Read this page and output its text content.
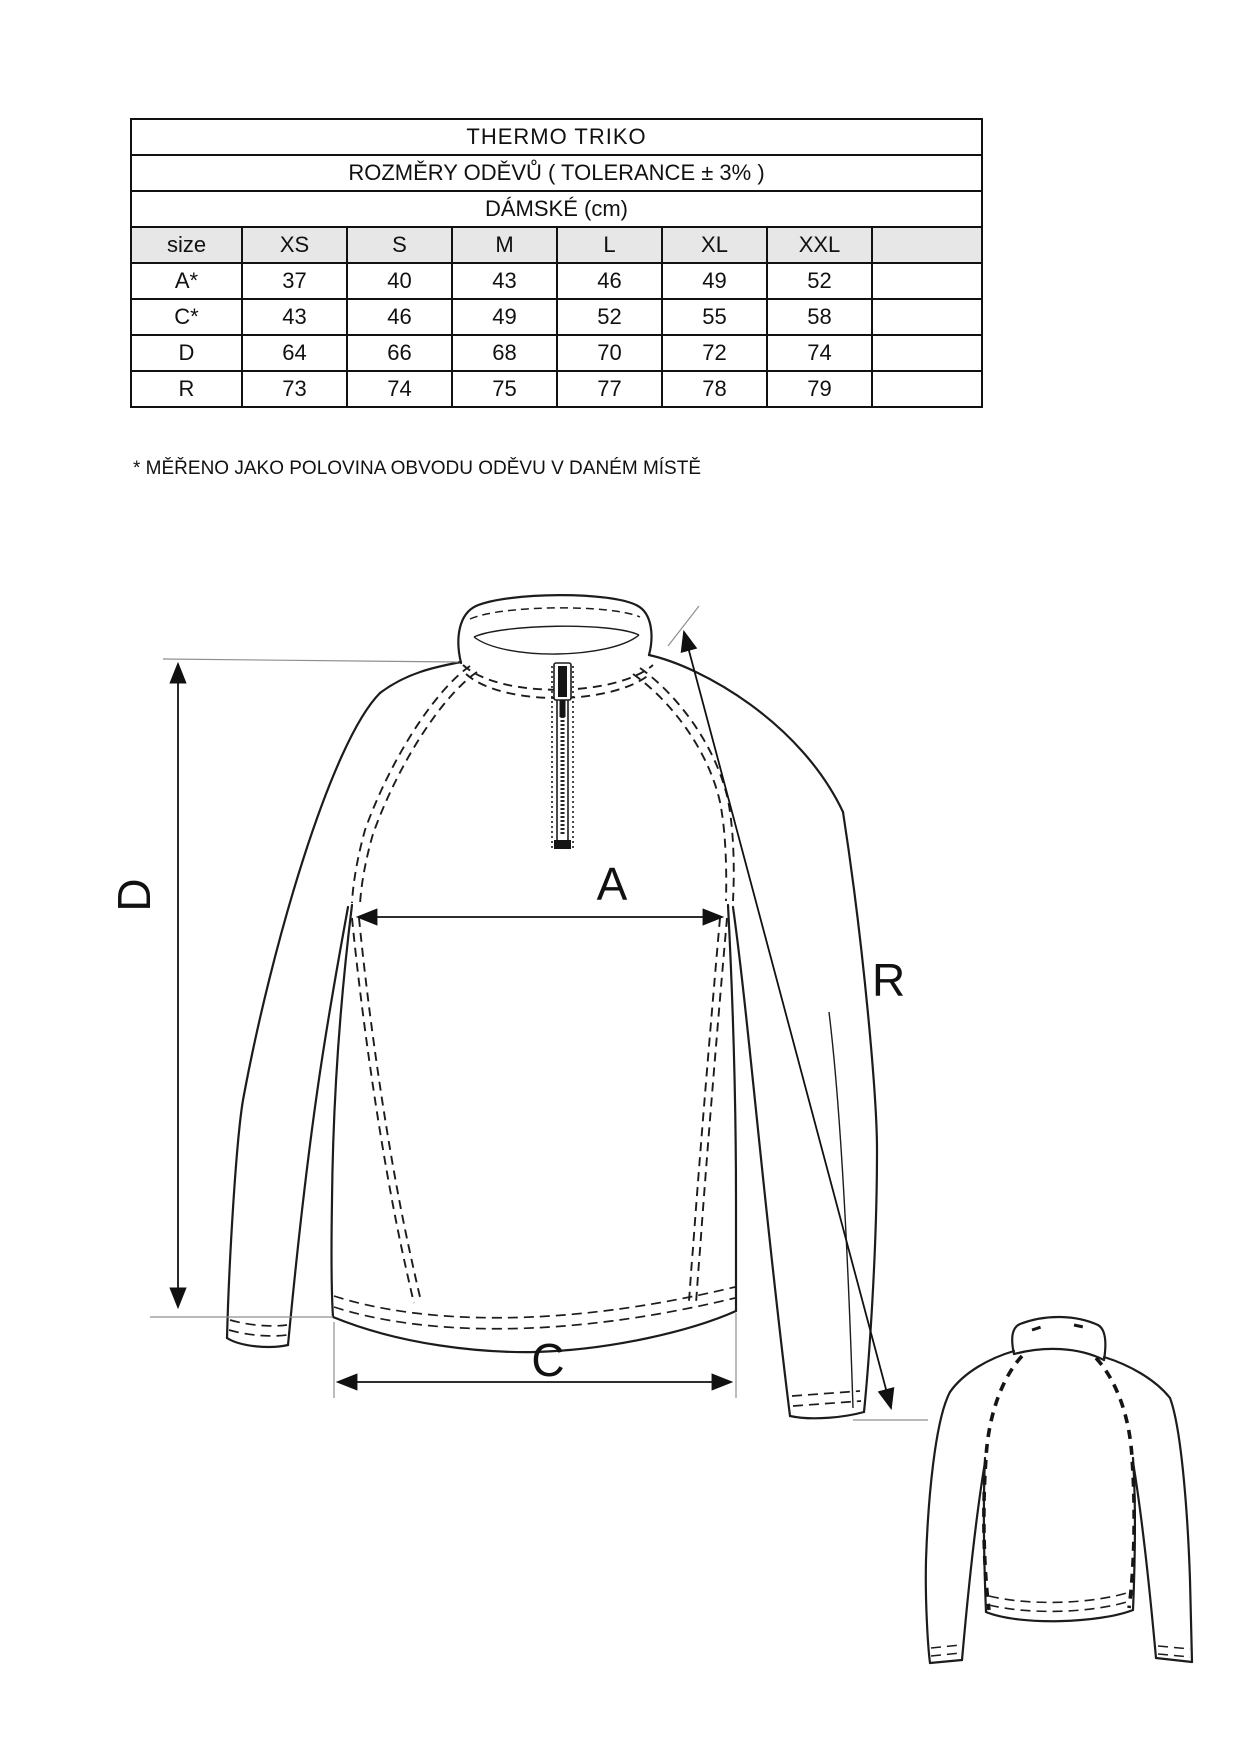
THERMO TRIKO							
ROZMĚRY ODĚVŮ ( TOLERANCE ± 3% )							
DÁMSKÉ (cm)							
size	XS	S	M	L	XL	XXL	
A*	37	40	43	46	49	52	
C*	43	46	49	52	55	58	
D	64	66	68	70	72	74	
R	73	74	75	77	78	79	
* MĚŘENO JAKO POLOVINA OBVODU ODĚVU V DANÉM MÍSTĚ
D	A
C
R
